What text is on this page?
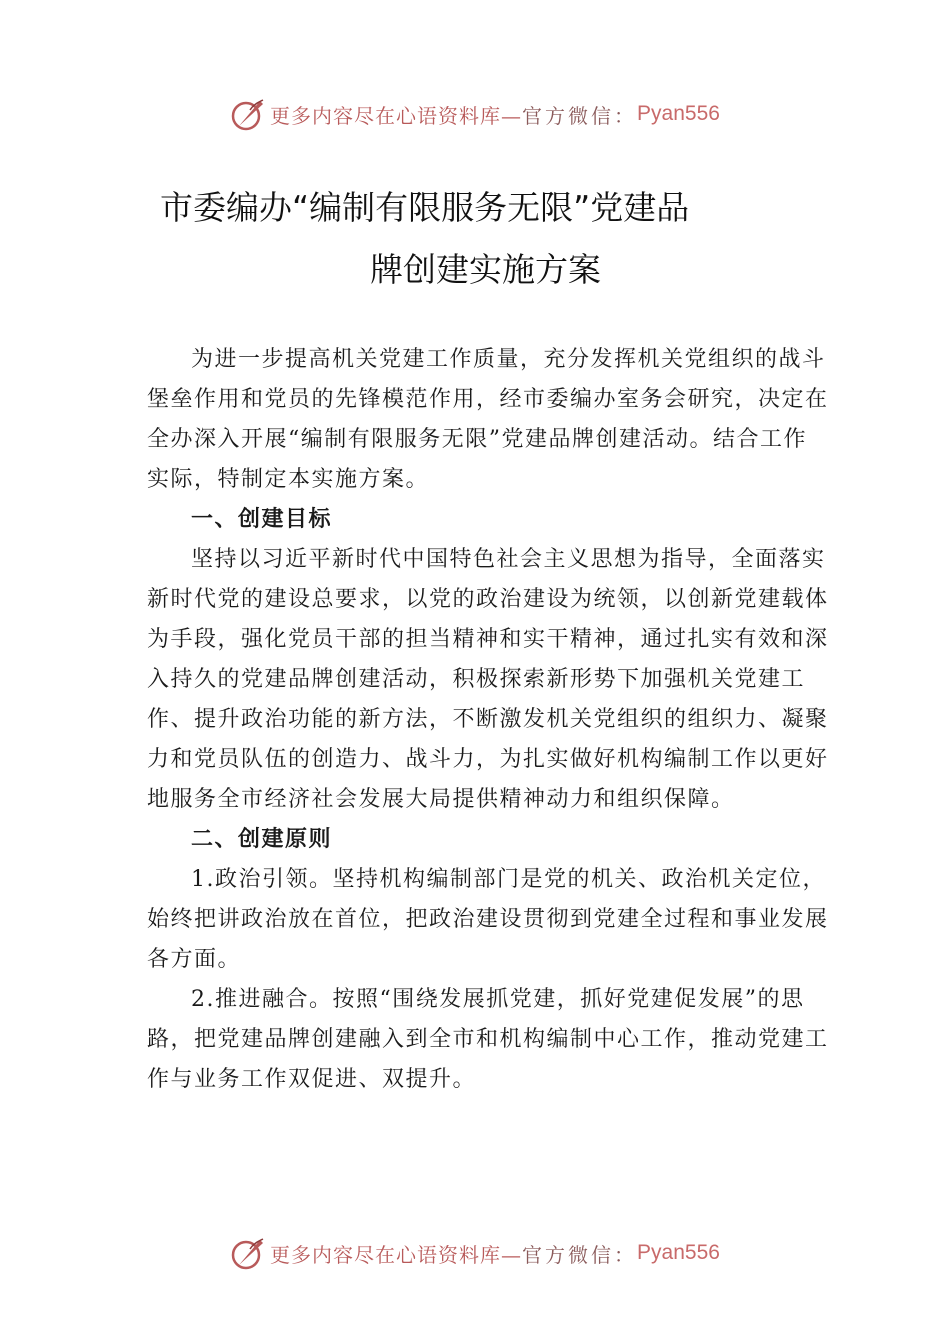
更多内容尽在心语资料库— 官方微信： Pyan556
市委编办“编制有限服务无限”党建品
牌创建实施方案

为进一步提高机关党建工作质量，充分发挥机关党组织的战斗堡垒作用和党员的先锋模范作用，经市委编办室务会研究，决定在全办深入开展“编制有限服务无限”党建品牌创建活动。结合工作实际，特制定本实施方案。

一、创建目标

坚持以习近平新时代中国特色社会主义思想为指导，全面落实新时代党的建设总要求，以党的政治建设为统领，以创新党建载体为手段，强化党员干部的担当精神和实干精神，通过扎实有效和深入持久的党建品牌创建活动，积极探索新形势下加强机关党建工作、提升政治功能的新方法，不断激发机关党组织的组织力、凝聚力和党员队伍的创造力、战斗力，为扎实做好机构编制工作以更好地服务全市经济社会发展大局提供精神动力和组织保障。

二、创建原则

1.政治引领。坚持机构编制部门是党的机关、政治机关定位，始终把讲政治放在首位，把政治建设贯彻到党建全过程和事业发展各方面。

2.推进融合。按照“围绕发展抓党建，抓好党建促发展”的思路，把党建品牌创建融入到全市和机构编制中心工作，推动党建工作与业务工作双促进、双提升。

更多内容尽在心语资料库— 官方微信： Pyan556
